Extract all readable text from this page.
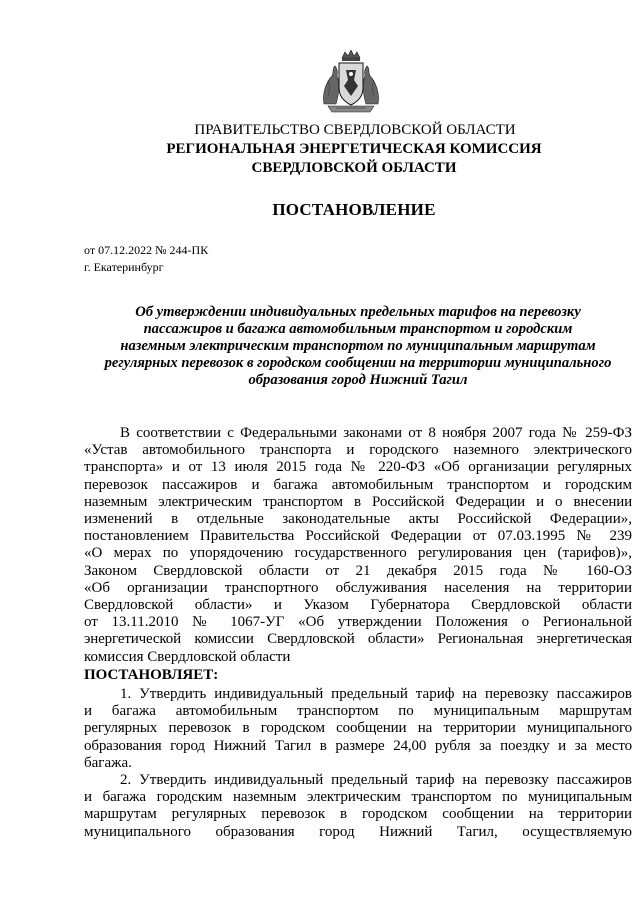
ПРАВИТЕЛЬСТВО СВЕРДЛОВСКОЙ ОБЛАСТИ
РЕГИОНАЛЬНАЯ ЭНЕРГЕТИЧЕСКАЯ КОМИССИЯ
СВЕРДЛОВСКОЙ ОБЛАСТИ
ПОСТАНОВЛЕНИЕ
от 07.12.2022 № 244-ПК
г. Екатеринбург
Об утверждении индивидуальных предельных тарифов на перевозку
пассажиров и багажа автомобильным транспортом и городским
наземным электрическим транспортом по муниципальным маршрутам
регулярных перевозок в городском сообщении на территории муниципального
образования город Нижний Тагил
В соответствии с Федеральными законами от 8 ноября 2007 года № 259-ФЗ
«Устав автомобильного транспорта и городского наземного электрического
транспорта» и от 13 июля 2015 года № 220-ФЗ «Об организации регулярных
перевозок пассажиров и багажа автомобильным транспортом и городским
наземным электрическим транспортом в Российской Федерации и о внесении
изменений в отдельные законодательные акты Российской Федерации»,
постановлением Правительства Российской Федерации от 07.03.1995 № 239
«О мерах по упорядочению государственного регулирования цен (тарифов)»,
Законом Свердловской области от 21 декабря 2015 года № 160-ОЗ
«Об организации транспортного обслуживания населения на территории
Свердловской области» и Указом Губернатора Свердловской области
от 13.11.2010 № 1067-УГ «Об утверждении Положения о Региональной
энергетической комиссии Свердловской области» Региональная энергетическая
комиссия Свердловской области
ПОСТАНОВЛЯЕТ:
1. Утвердить индивидуальный предельный тариф на перевозку пассажиров
и багажа автомобильным транспортом по муниципальным маршрутам
регулярных перевозок в городском сообщении на территории муниципального
образования город Нижний Тагил в размере 24,00 рубля за поездку и за место
багажа.
2. Утвердить индивидуальный предельный тариф на перевозку пассажиров
и багажа городским наземным электрическим транспортом по муниципальным
маршрутам регулярных перевозок в городском сообщении на территории
муниципального образования город Нижний Тагил, осуществляемую
